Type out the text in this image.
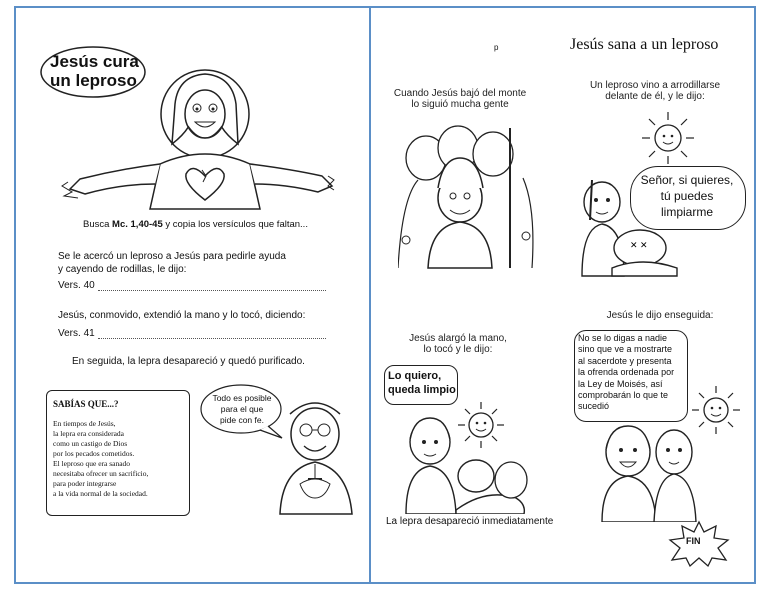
Jesús cura
un leproso
Busca Mc. 1,40-45 y copia los versículos que faltan...
Se le acercó un leproso a Jesús para pedirle ayuda
y cayendo de rodillas, le dijo:
Vers. 40
Jesús, conmovido, extendió la mano y lo tocó, diciendo:
Vers. 41
En seguida, la lepra desapareció y quedó purificado.
SABÍAS QUE...?
En tiempos de Jesús,
la lepra era considerada
como un castigo de Dios
por los pecados cometidos.
El leproso que era sanado
necesitaba ofrecer un sacrificio,
para poder integrarse
a la vida normal de la sociedad.
Todo es posible
para el que
pide con fe.
p	Jesús sana a un leproso
Cuando Jesús bajó del monte
lo siguió mucha gente
Un leproso vino a arrodillarse
delante de él, y le dijo:
Señor, si quieres,
tú puedes
limpiarme
✕ ✕
Jesús alargó la mano,
lo tocó y le dijo:
Lo quiero,
queda limpio
La lepra desapareció inmediatamente
Jesús le dijo enseguida:
No se lo digas a nadie
sino que ve a mostrarte
al sacerdote y presenta
la ofrenda ordenada por
la Ley de Moisés, así
comprobarán lo que te
sucedió
FIN
